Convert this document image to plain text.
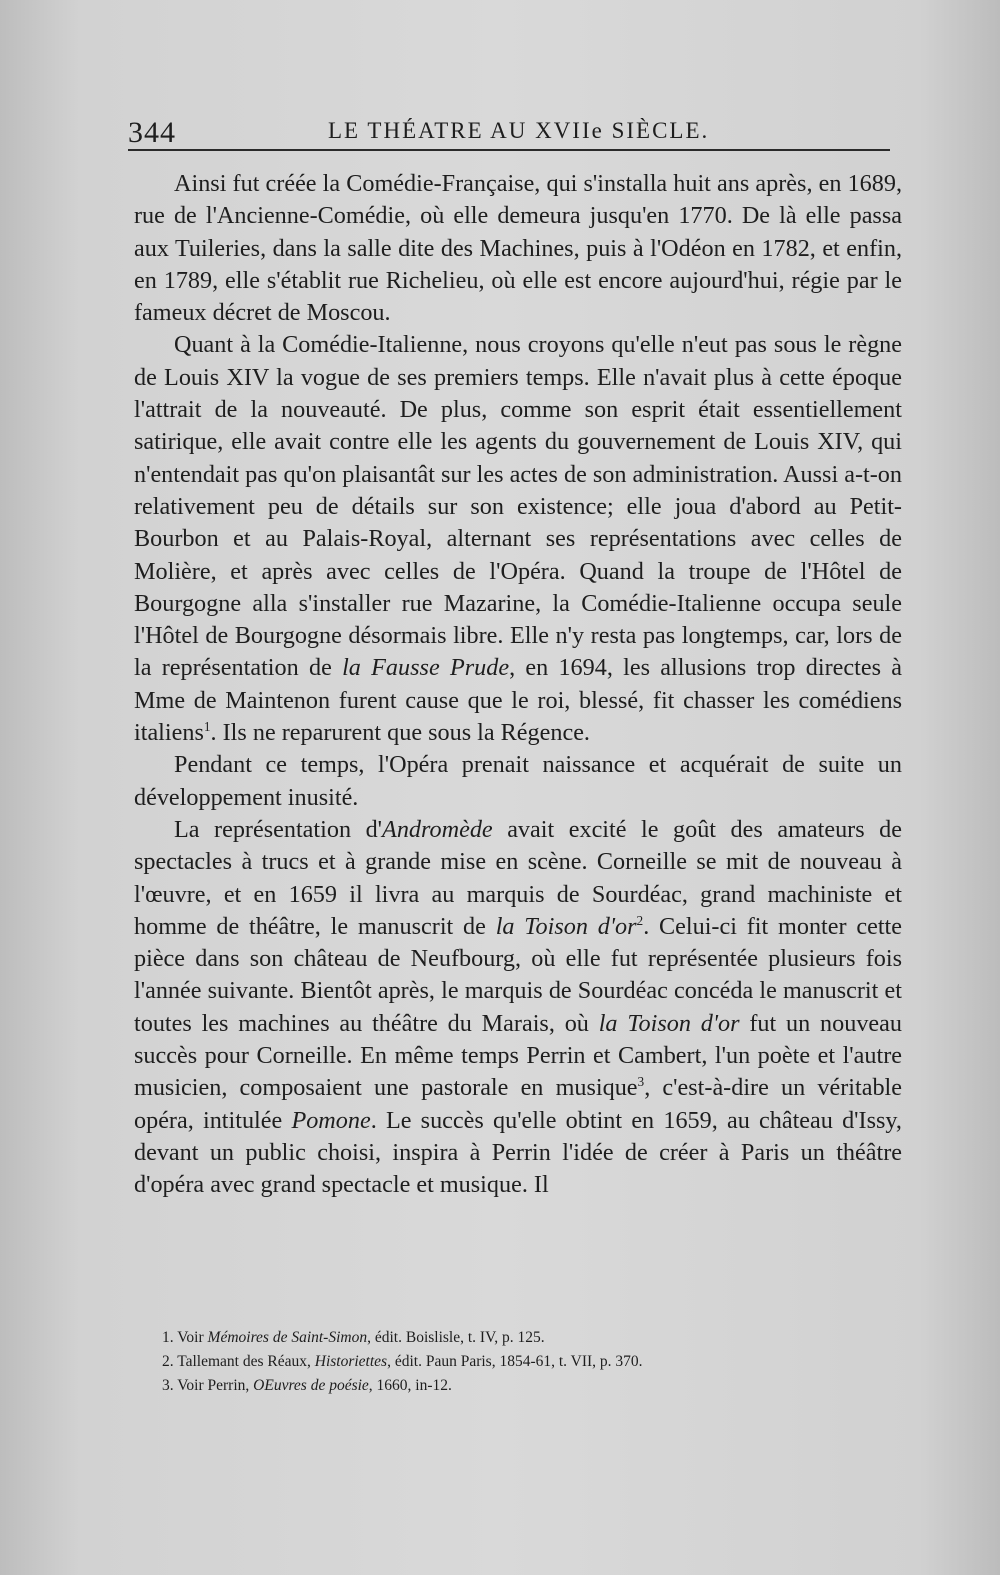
344	LE THÉATRE AU XVIIe SIÈCLE.

Ainsi fut créée la Comédie-Française, qui s'installa huit ans après, en 1689, rue de l'Ancienne-Comédie, où elle demeura jusqu'en 1770. De là elle passa aux Tuileries, dans la salle dite des Machines, puis à l'Odéon en 1782, et enfin, en 1789, elle s'établit rue Richelieu, où elle est encore aujourd'hui, régie par le fameux décret de Moscou.

Quant à la Comédie-Italienne, nous croyons qu'elle n'eut pas sous le règne de Louis XIV la vogue de ses premiers temps. Elle n'avait plus à cette époque l'attrait de la nouveauté. De plus, comme son esprit était essentiellement satirique, elle avait contre elle les agents du gouvernement de Louis XIV, qui n'entendait pas qu'on plaisantât sur les actes de son administration. Aussi a-t-on relativement peu de détails sur son existence; elle joua d'abord au Petit-Bourbon et au Palais-Royal, alternant ses représentations avec celles de Molière, et après avec celles de l'Opéra. Quand la troupe de l'Hôtel de Bourgogne alla s'installer rue Mazarine, la Comédie-Italienne occupa seule l'Hôtel de Bourgogne désormais libre. Elle n'y resta pas longtemps, car, lors de la représentation de la Fausse Prude, en 1694, les allusions trop directes à Mme de Maintenon furent cause que le roi, blessé, fit chasser les comédiens italiens$^1$. Ils ne reparurent que sous la Régence.

Pendant ce temps, l'Opéra prenait naissance et acquérait de suite un développement inusité.

La représentation d'Andromède avait excité le goût des amateurs de spectacles à trucs et à grande mise en scène. Corneille se mit de nouveau à l'œuvre, et en 1659 il livra au marquis de Sourdéac, grand machiniste et homme de théâtre, le manuscrit de la Toison $d'or^2$. Celui-ci fit monter cette pièce dans son château de Neufbourg, où elle fut représentée plusieurs fois l'année suivante. Bientôt après, le marquis de Sourdéac concéda le manuscrit et toutes les machines au théâtre du Marais, où la Toison d'or fut un nouveau succès pour Corneille. En même temps Perrin et Cambert, l'un poète et l'autre musicien, composaient une pastorale en musique$^3$, c'est-à-dire un véritable opéra, intitulée Pomone. Le succès qu'elle obtint en 1659, au château d'Issy, devant un public choisi, inspira à Perrin l'idée de créer à Paris un théâtre d'opéra avec grand spectacle et musique. Il

1. Voir Mémoires de Saint-Simon, édit. Boislisle, t. IV, p. 125.
2. Tallemant des Réaux, Historiettes, édit. Paun Paris, 1854-61, t. VII, p. 370.
3. Voir Perrin, OEuvres de poésie, 1660, in-12.
